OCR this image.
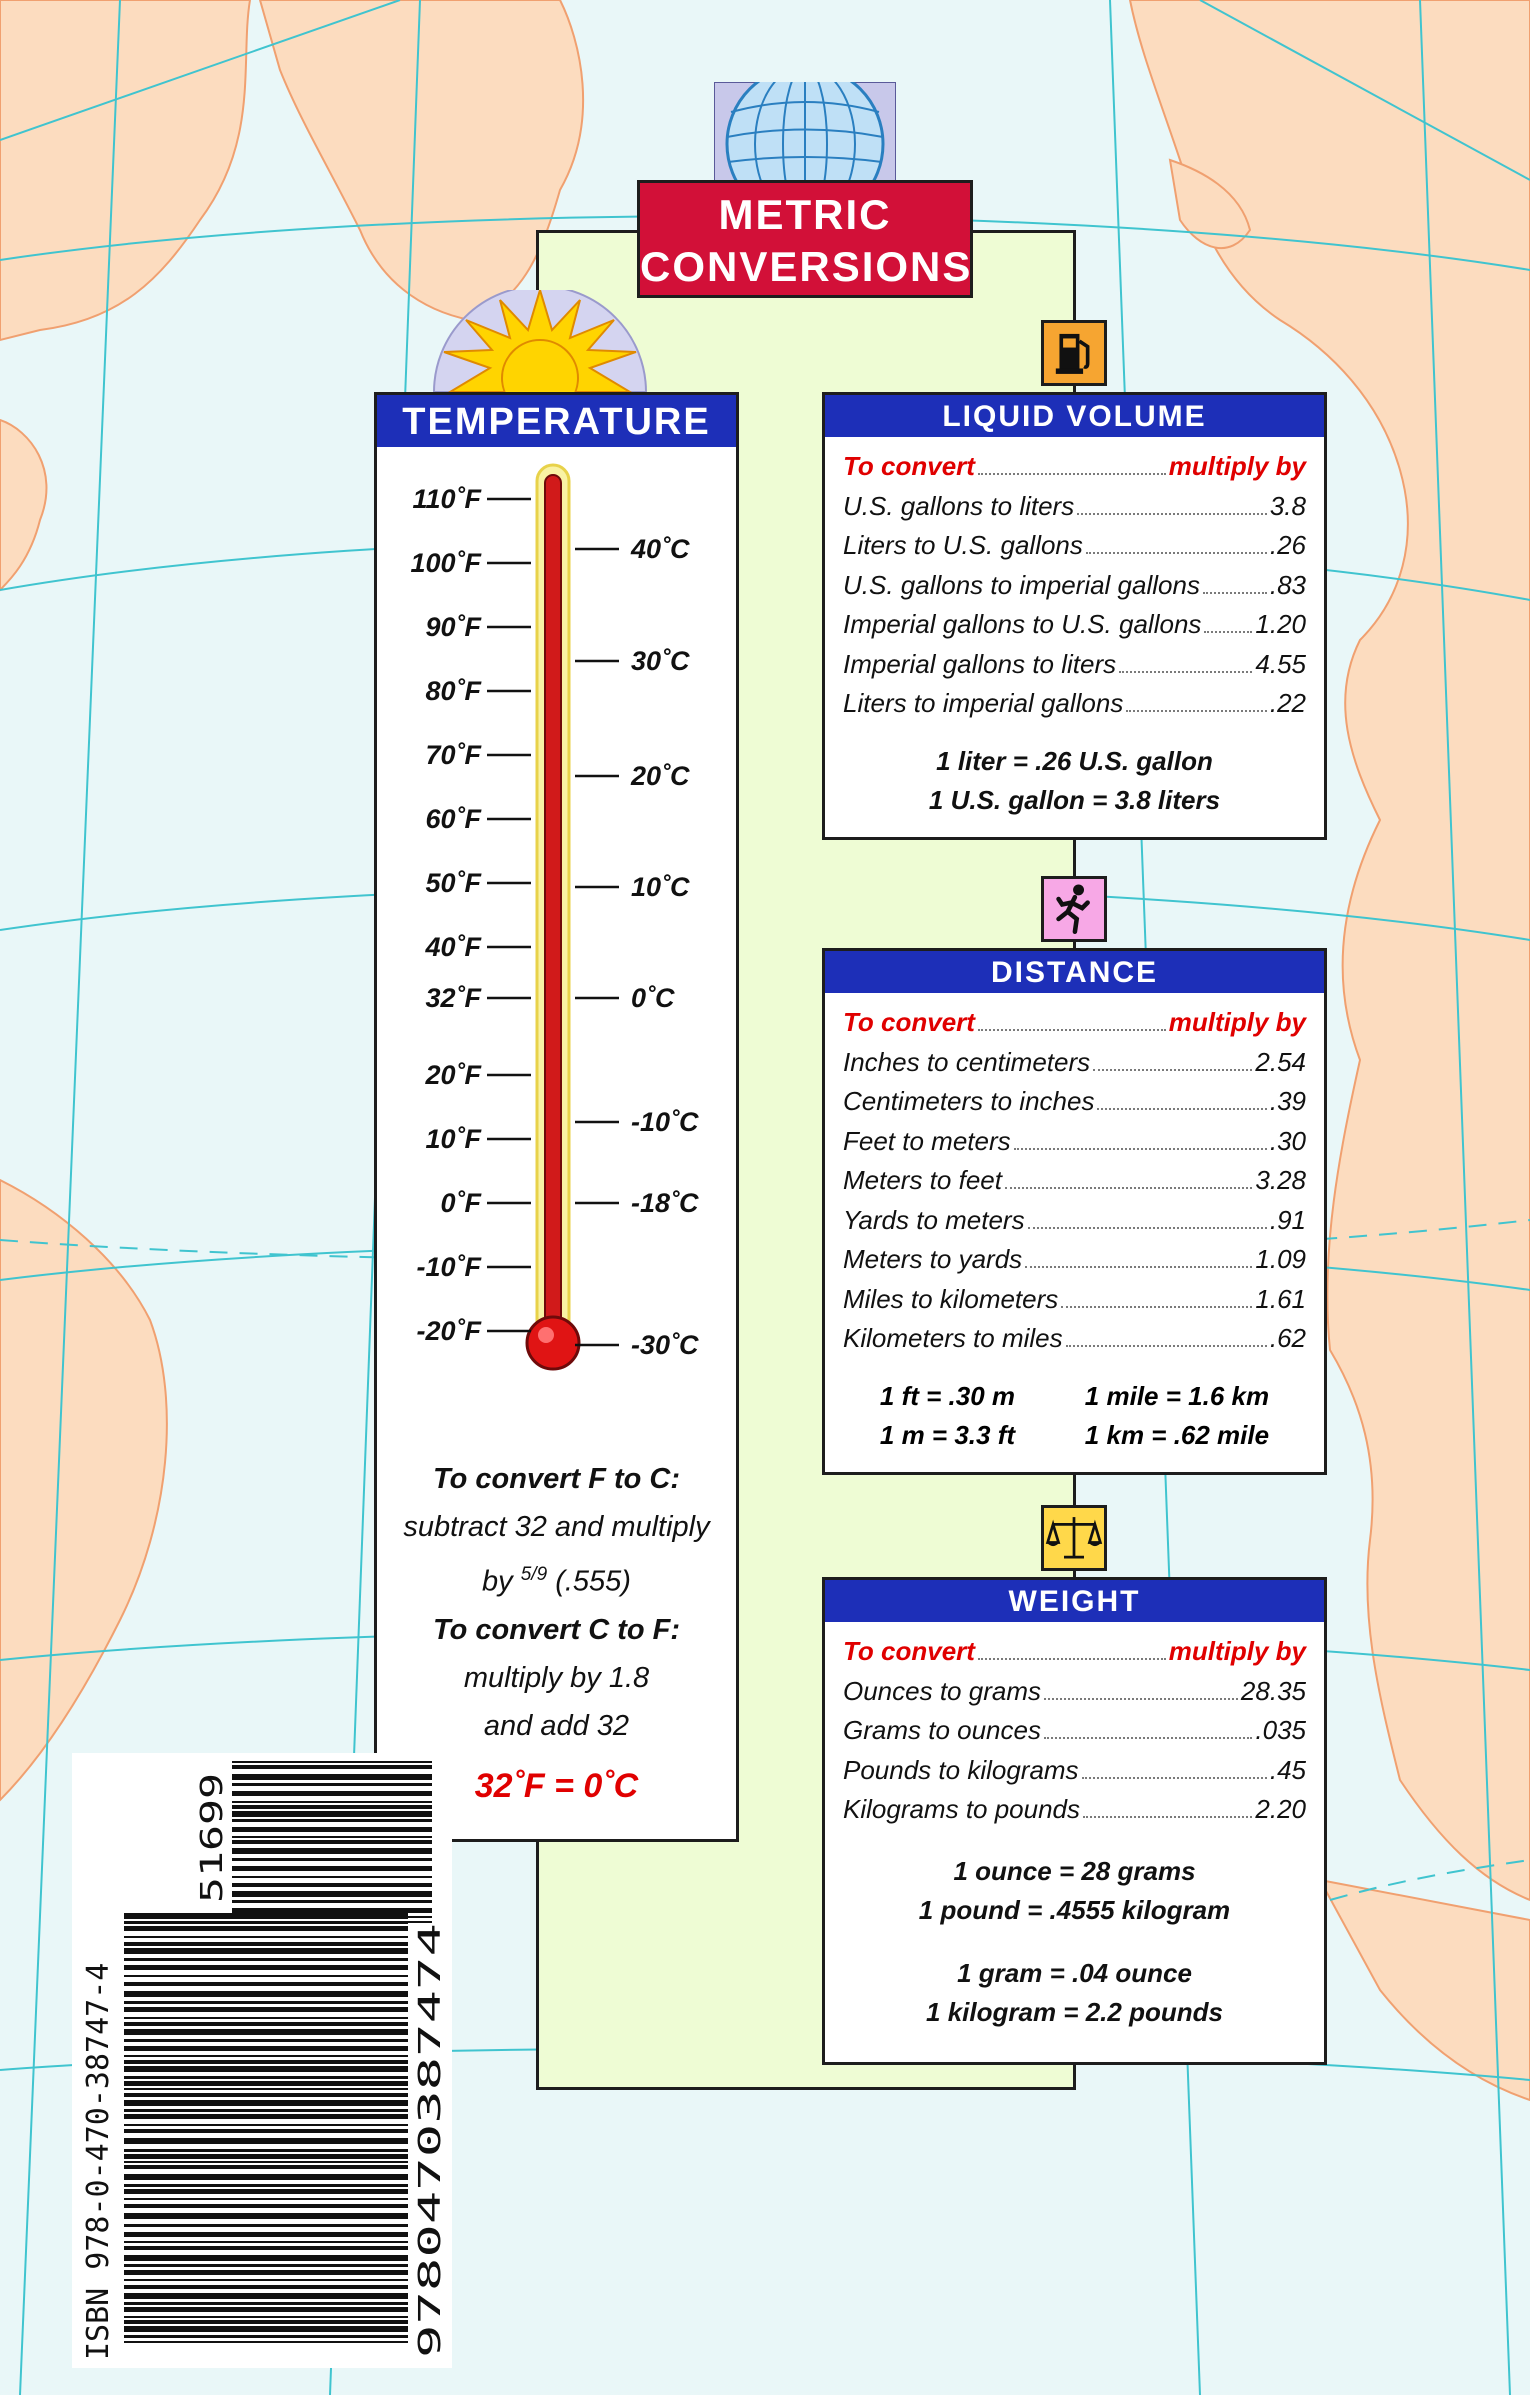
METRIC
CONVERSIONS
TEMPERATURE
110˚F
100˚F
90˚F
80˚F
70˚F
60˚F
50˚F
40˚F
32˚F
20˚F
10˚F
0˚F
-10˚F
-20˚F
40˚C
30˚C
20˚C
10˚C
0˚C
-10˚C
-18˚C
-30˚C
To convert F to C:
subtract 32 and multiply
by $^{5/9}$ (.555)
To convert C to F:
multiply by 1.8
and add 32
32˚F = 0˚C
LIQUID VOLUME
To convert	multiply by
U.S. gallons to liters	3.8
Liters to U.S. gallons	.26
U.S. gallons to imperial gallons	.83
Imperial gallons to U.S. gallons 1.20
Imperial gallons to liters	4.55
Liters to imperial gallons	.22
1 liter = .26 U.S. gallon
1 U.S. gallon = 3.8 liters
DISTANCE
To convert	multiply by
Inches to centimeters	2.54
Centimeters to inches	.39
Feet to meters	.30
Meters to feet	3.28
Yards to meters	.91
Meters to yards	1.09
Miles to kilometers	1.61
Kilometers to miles	.62
1 ft = .30 m
1 m = 3.3 ft
1 mile = 1.6 km
1 km = .62 mile
WEIGHT
To convert	multiply by
Ounces to grams	28.35
Grams to ounces	.035
Pounds to kilograms	.45
Kilograms to pounds	2.20
1 ounce = 28 grams
1 pound = .4555 kilogram
1 gram = .04 ounce
1 kilogram = 2.2 pounds
ISBN 978-0-470-38747-4	9780470387474
51699
